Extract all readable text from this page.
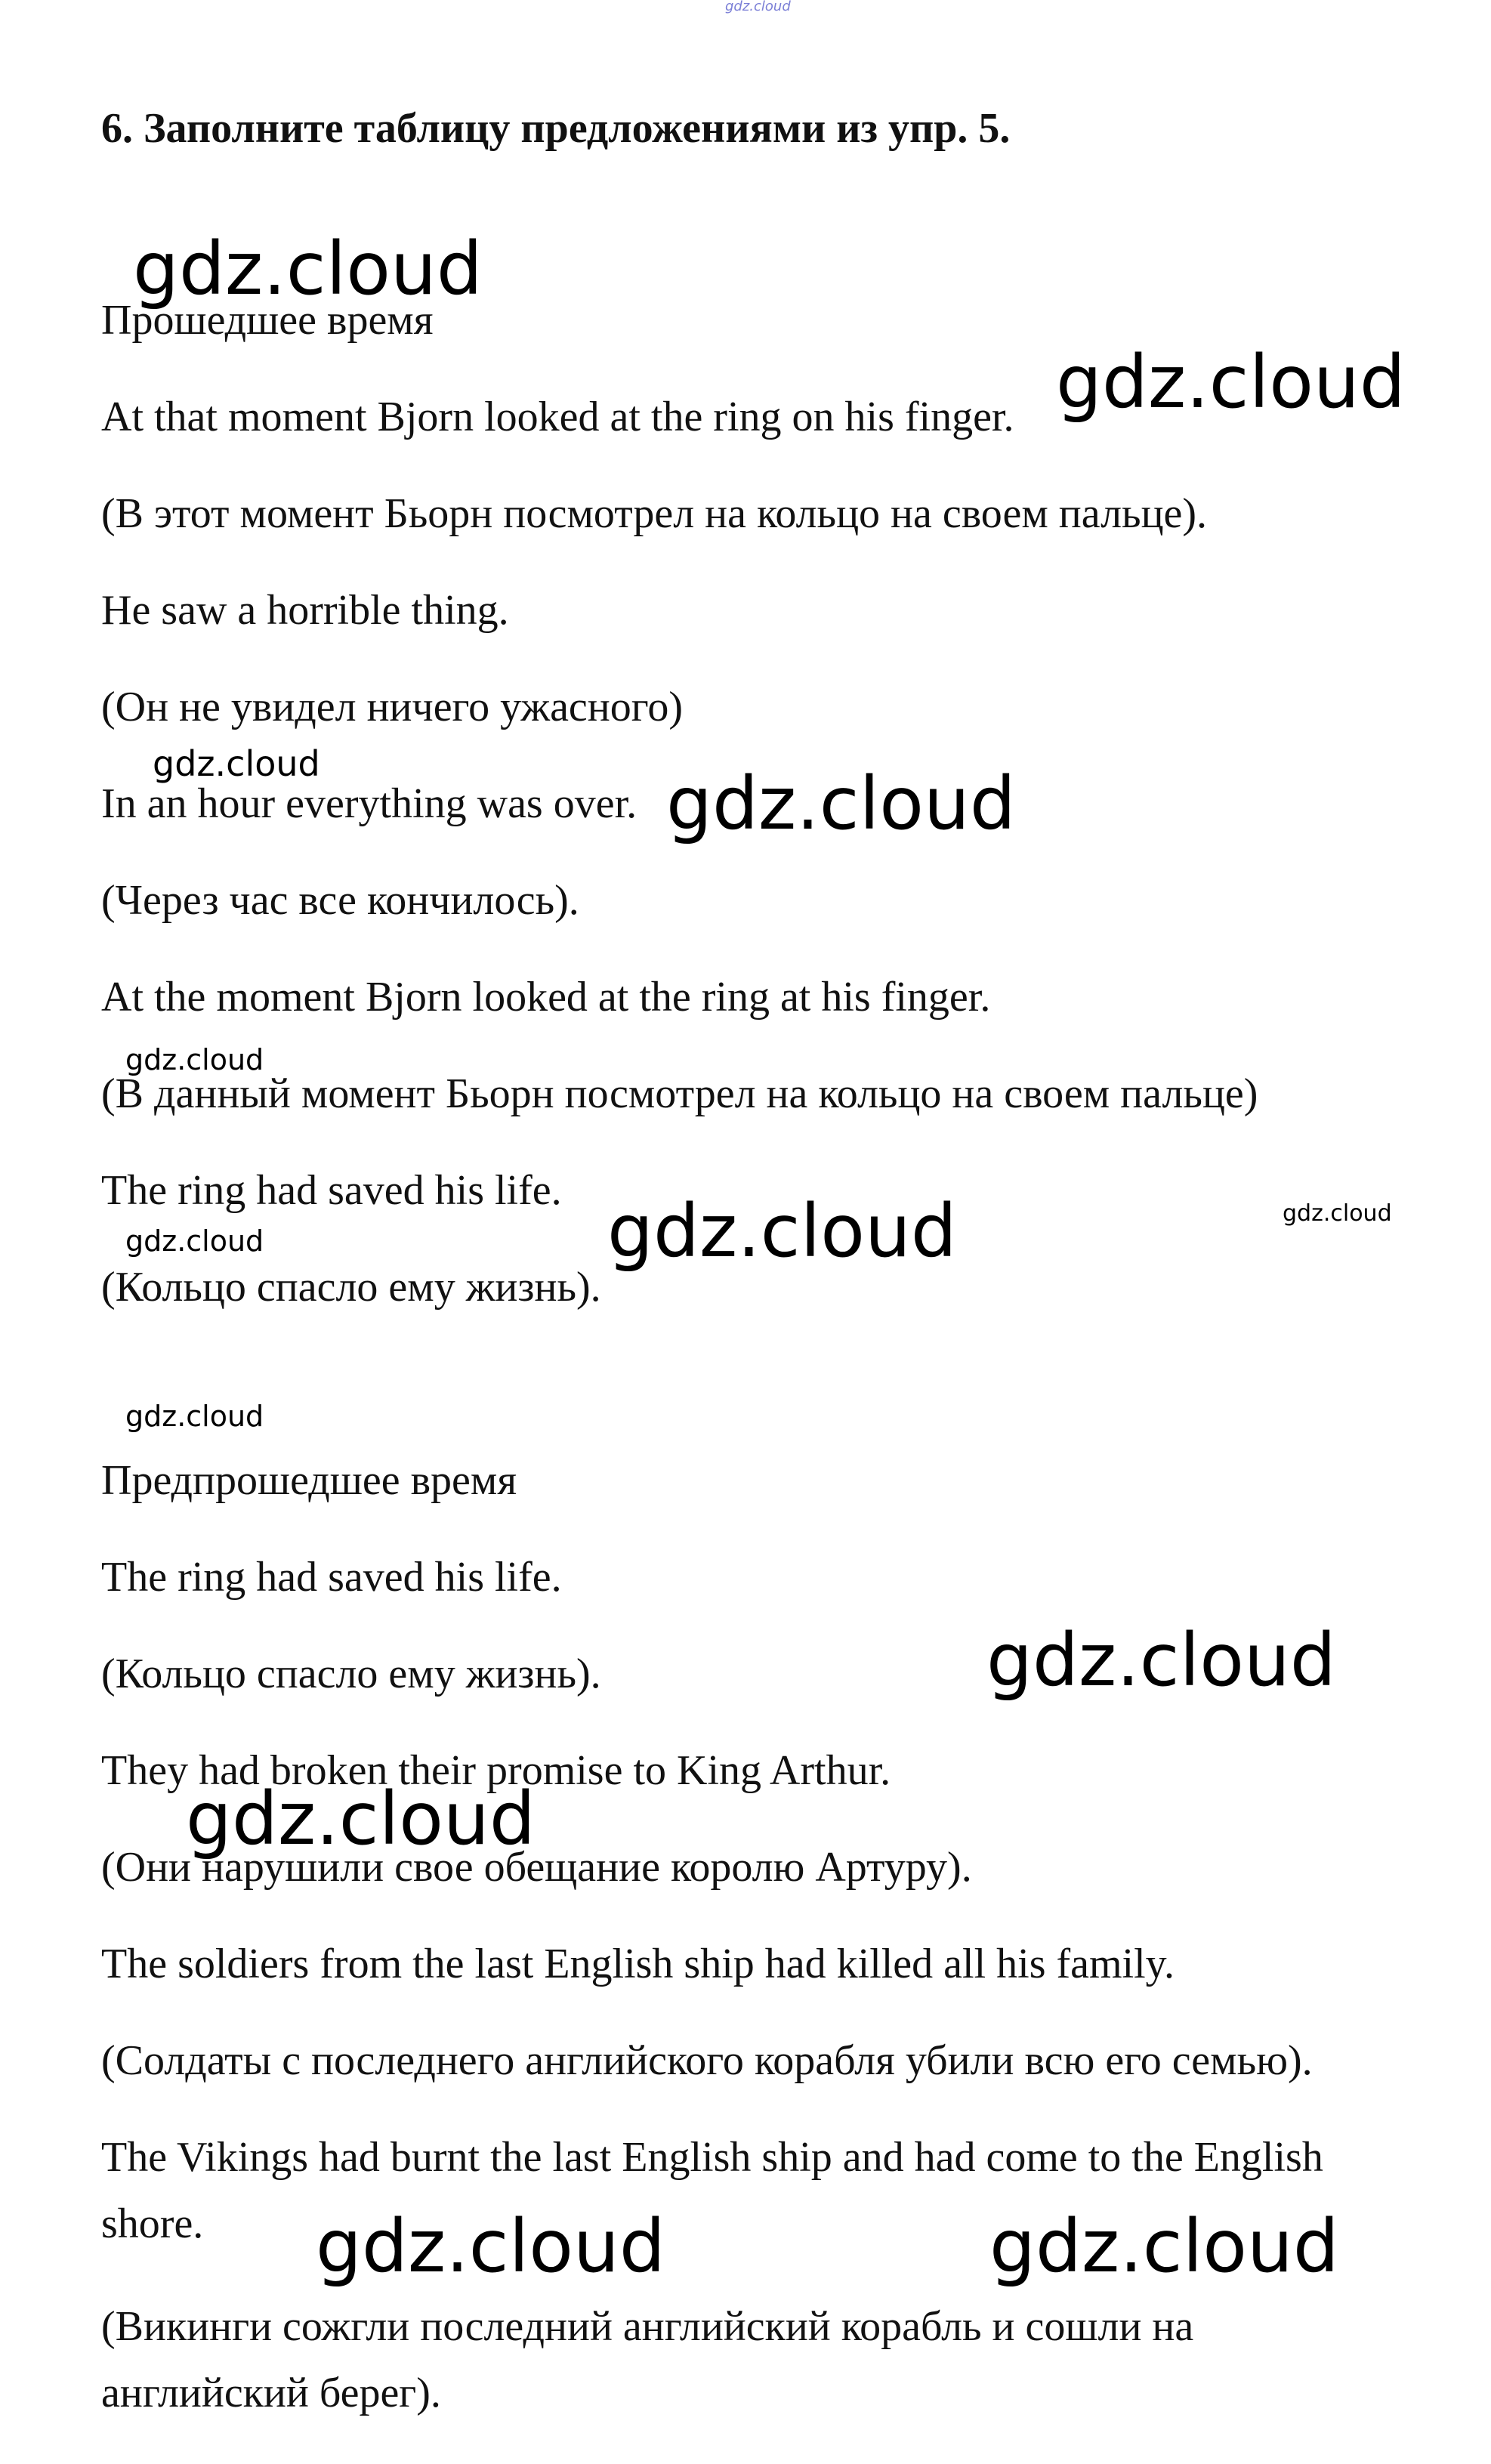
gdz.cloud
6. Заполните таблицу предложениями из упр. 5.
Прошедшее время
At that moment Bjorn looked at the ring on his finger.
(В этот момент Бьорн посмотрел на кольцо на своем пальце).
He saw a horrible thing.
(Он не увидел ничего ужасного)
In an hour everything was over.
(Через час все кончилось).
At the moment Bjorn looked at the ring at his finger.
(В данный момент Бьорн посмотрел на кольцо на своем пальце)
The ring had saved his life.
(Кольцо спасло ему жизнь).
Предпрошедшее время
The ring had saved his life.
(Кольцо спасло ему жизнь).
They had broken their promise to King Arthur.
(Они нарушили свое обещание королю Артуру).
The soldiers from the last English ship had killed all his family.
(Солдаты с последнего английского корабля убили всю его семью).
The Vikings had burnt the last English ship and had come to the English shore.
(Викинги сожгли последний английский корабль и сошли на английский берег).
gdz.cloud
gdz.cloud
gdz.cloud	gdz.cloud
gdz.cloud
gdz.cloud
gdz.cloud
gdz.cloud
gdz.cloud
gdz.cloud
gdz.cloud
gdz.cloud
gdz.cloud
